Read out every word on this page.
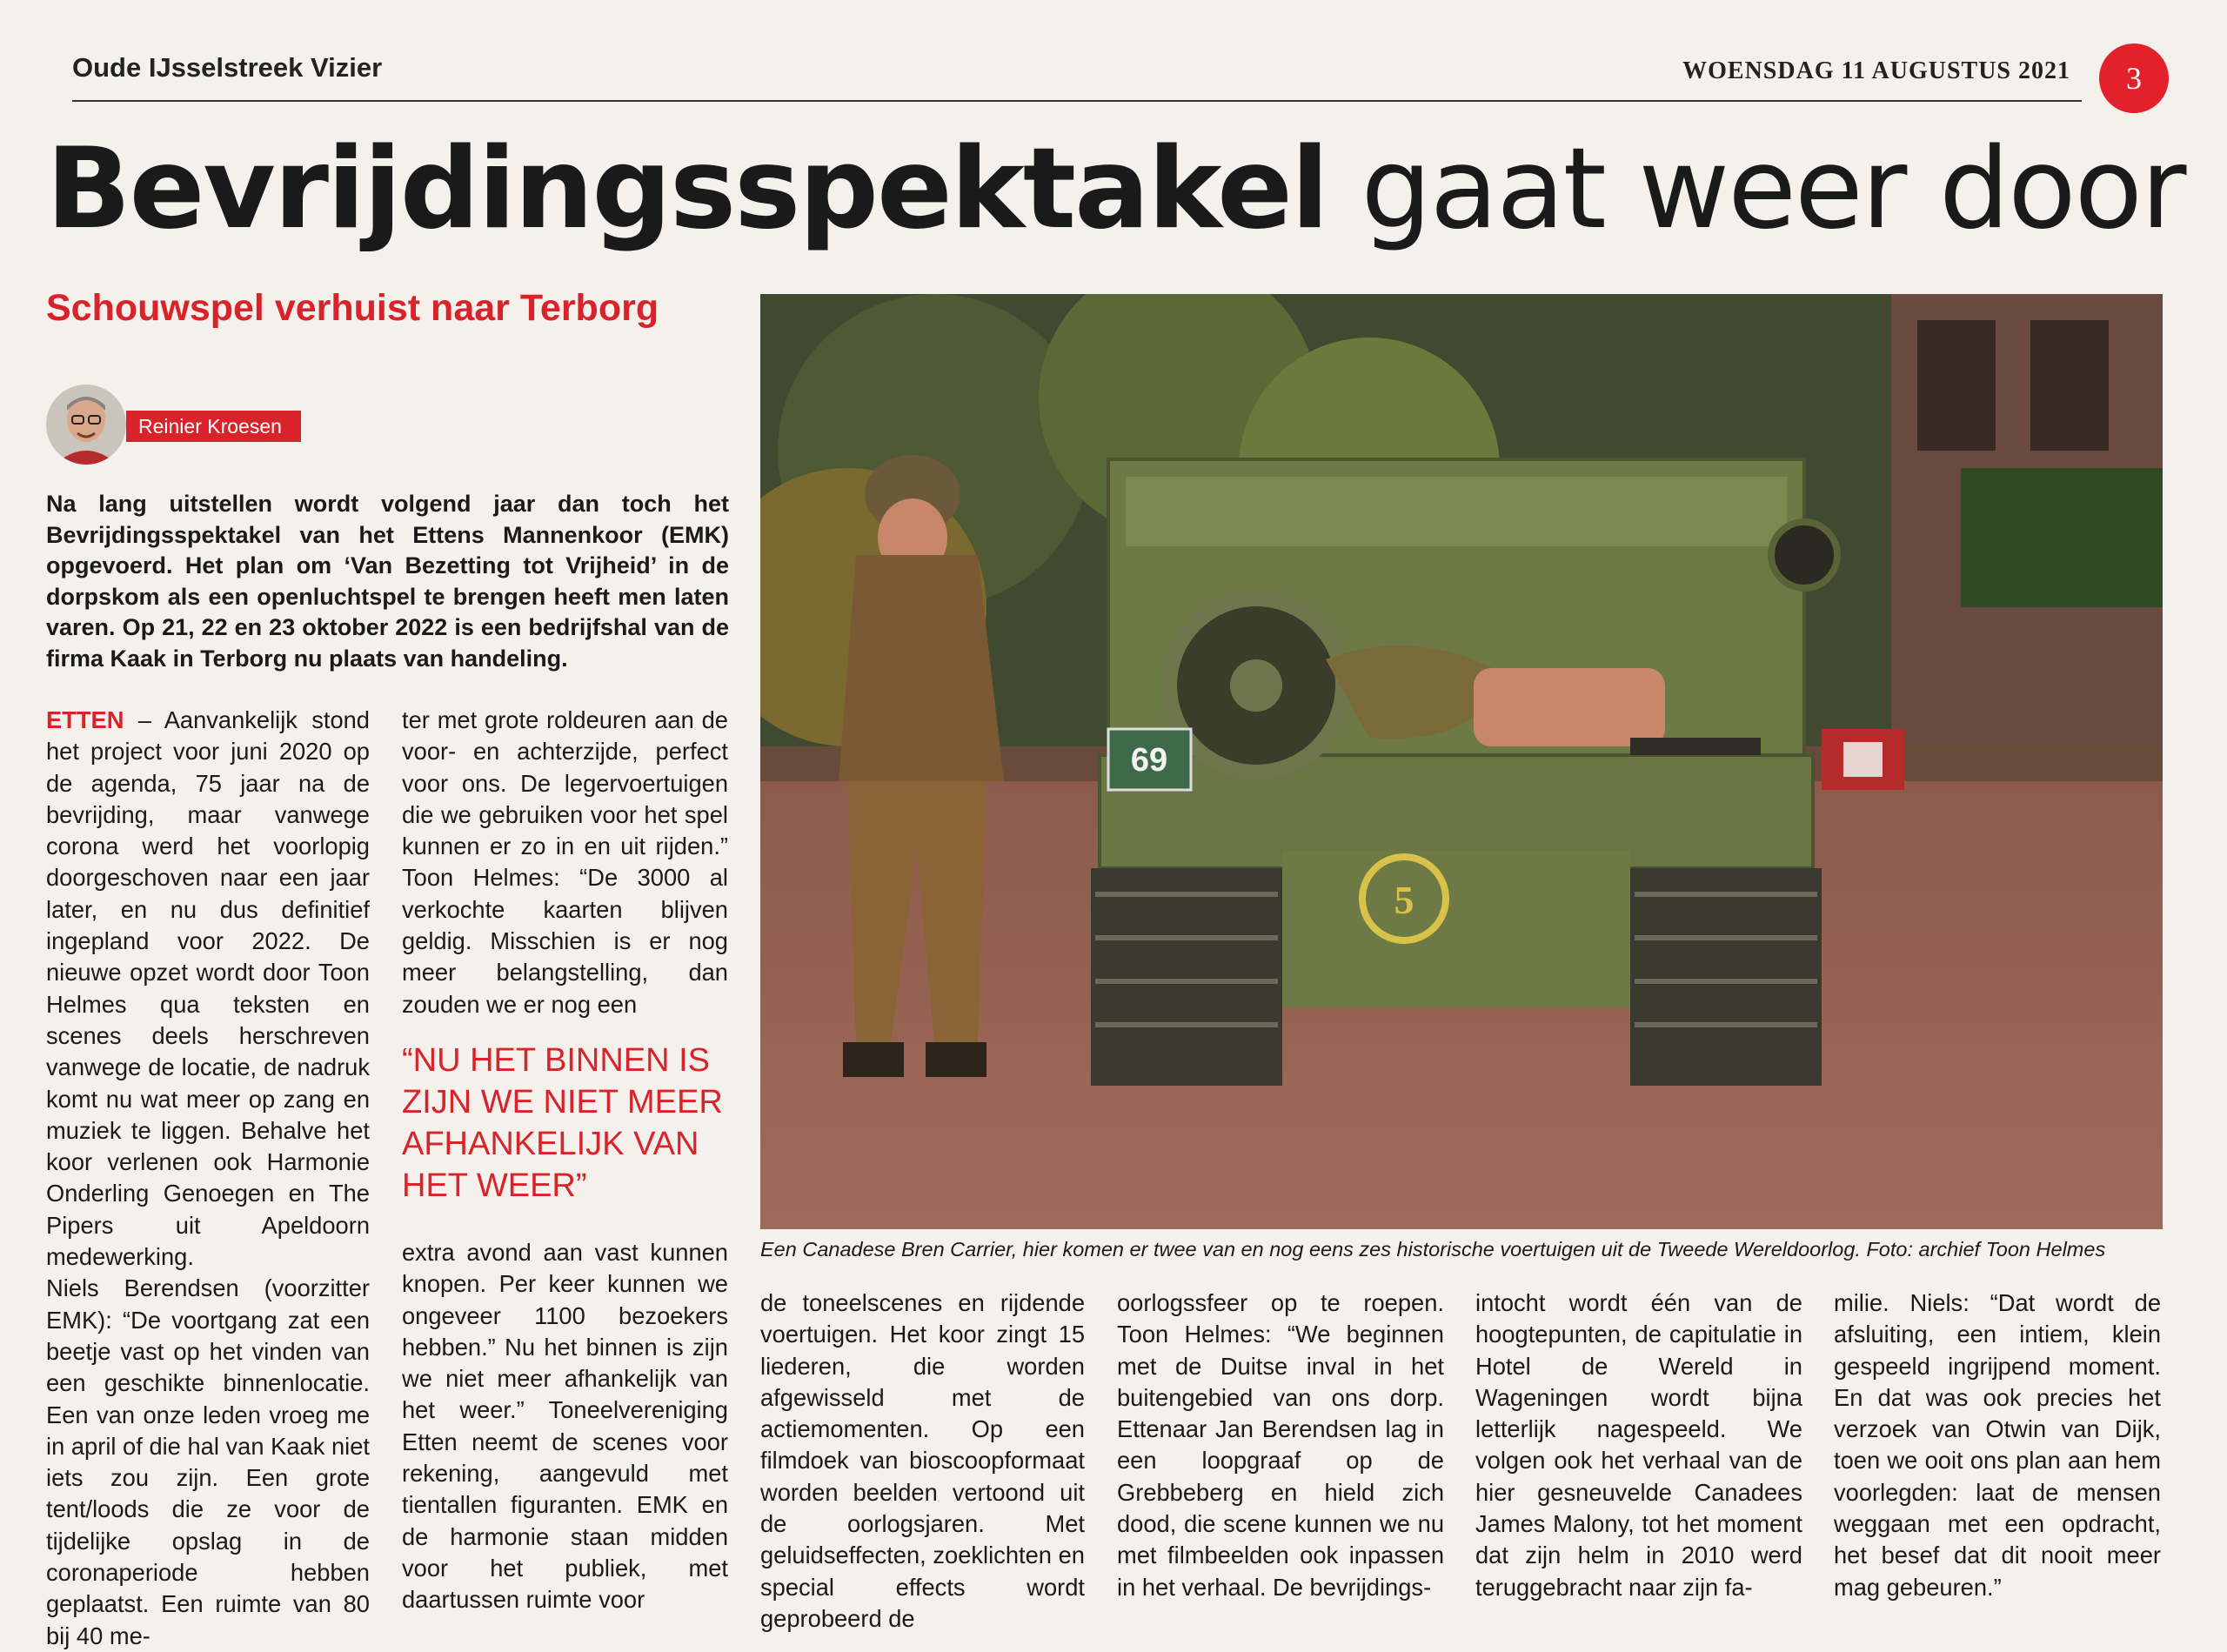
Oude IJsselstreek Vizier	WOENSDAG 11 AUGUSTUS 2021	3
Bevrijdingsspektakel gaat weer door
Schouwspel verhuist naar Terborg
Reinier Kroesen

Na lang uitstellen wordt volgend jaar dan toch het Bevrijdingsspektakel van het Ettens Mannenkoor (EMK) opgevoerd. Het plan om ‘Van Bezetting tot Vrijheid’ in de dorpskom als een openluchtspel te brengen heeft men laten varen. Op 21, 22 en 23 oktober 2022 is een bedrijfshal van de firma Kaak in Terborg nu plaats van handeling.

ETTEN – Aanvankelijk stond het project voor juni 2020 op de agenda, 75 jaar na de bevrijding, maar vanwege corona werd het voorlopig doorgeschoven naar een jaar later, en nu dus definitief ingepland voor 2022. De nieuwe opzet wordt door Toon Helmes qua teksten en scenes deels herschreven vanwege de locatie, de nadruk komt nu wat meer op zang en muziek te liggen. Behalve het koor verlenen ook Harmonie Onderling Genoegen en The Pipers uit Apeldoorn medewerking.

Niels Berendsen (voorzitter EMK): “De voortgang zat een beetje vast op het vinden van een geschikte binnenlocatie. Een van onze leden vroeg me in april of die hal van Kaak niet iets zou zijn. Een grote tent/loods die ze voor de tijdelijke opslag in de coronaperiode hebben geplaatst. Een ruimte van 80 bij 40 me-

ter met grote roldeuren aan de voor- en achterzijde, perfect voor ons. De legervoertuigen die we gebruiken voor het spel kunnen er zo in en uit rijden.” Toon Helmes: “De 3000 al verkochte kaarten blijven geldig. Misschien is er nog meer belangstelling, dan zouden we er nog een

“NU HET BINNEN IS ZIJN WE NIET MEER AFHANKELIJK VAN HET WEER”

extra avond aan vast kunnen knopen. Per keer kunnen we ongeveer 1100 bezoekers hebben.” Nu het binnen is zijn we niet meer afhankelijk van het weer.” Toneelvereniging Etten neemt de scenes voor rekening, aangevuld met tientallen figuranten. EMK en de harmonie staan midden voor het publiek, met daartussen ruimte voor

de toneelscenes en rijdende voertuigen. Het koor zingt 15 liederen, die worden afgewisseld met de actiemomenten. Op een filmdoek van bioscoopformaat worden beelden vertoond uit de oorlogsjaren. Met geluidseffecten, zoeklichten en special effects wordt geprobeerd de

oorlogssfeer op te roepen. Toon Helmes: “We beginnen met de Duitse inval in het buitengebied van ons dorp. Ettenaar Jan Berendsen lag in een loopgraaf op de Grebbeberg en hield zich dood, die scene kunnen we nu met filmbeelden ook inpassen in het verhaal. De bevrijdings-

intocht wordt één van de hoogtepunten, de capitulatie in Hotel de Wereld in Wageningen wordt bijna letterlijk nagespeeld. We volgen ook het verhaal van de hier gesneuvelde Canadees James Malony, tot het moment dat zijn helm in 2010 werd teruggebracht naar zijn fa-

milie. Niels: “Dat wordt de afsluiting, een intiem, klein gespeeld ingrijpend moment. En dat was ook precies het verzoek van Otwin van Dijk, toen we ooit ons plan aan hem voorlegden: laat de mensen weggaan met een opdracht, het besef dat dit nooit meer mag gebeuren.”

69
5
Een Canadese Bren Carrier, hier komen er twee van en nog eens zes historische voertuigen uit de Tweede Wereldoorlog. Foto: archief Toon Helmes
